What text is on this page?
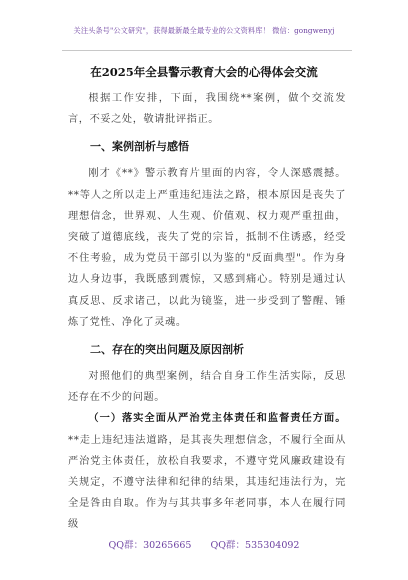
关注头条号"公文研究"，获得最新最全最专业的公文资料库！ 微信：gongwenyj
在2025年全县警示教育大会的心得体会交流

根据工作安排，下面，我围绕**案例，做个交流发言，不妥之处，敬请批评指正。

一、案例剖析与感悟

刚才《**》警示教育片里面的内容，令人深感震撼。**等人之所以走上严重违纪违法之路，根本原因是丧失了理想信念，世界观、人生观、价值观、权力观严重扭曲，突破了道德底线，丧失了党的宗旨，抵制不住诱惑，经受不住考验，成为党员干部引以为鉴的"反面典型"。作为身边人身边事，我既感到震惊，又感到痛心。特别是通过认真反思、反求诸己，以此为镜鉴，进一步受到了警醒、锤炼了党性、净化了灵魂。

二、存在的突出问题及原因剖析

对照他们的典型案例，结合自身工作生活实际，反思还存在不少的问题。

（一）落实全面从严治党主体责任和监督责任方面。**走上违纪违法道路，是其丧失理想信念，不履行全面从严治党主体责任，放松自我要求，不遵守党风廉政建设有关规定，不遵守法律和纪律的结果，其违纪违法行为，完全是咎由自取。作为与其共事多年老同事，本人在履行同级

QQ群：30265665 QQ群：535304092
